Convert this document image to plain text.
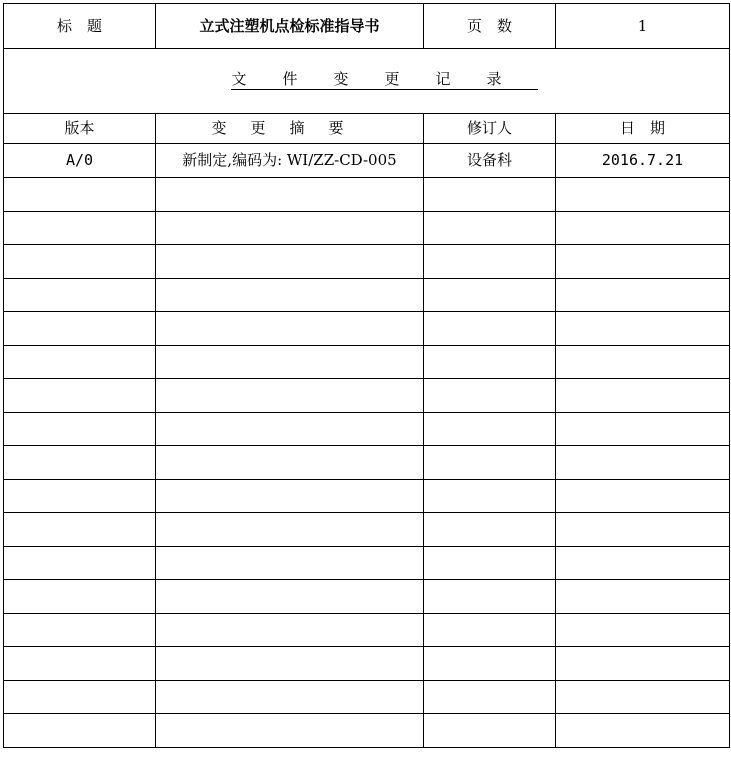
标　题	立式注塑机点检标准指导书	页　数	1
文件变更记录			
版本	变更摘要	修订人	日　期
A/0	新制定,编码为: WI/ZZ-CD-005	设备科	2016.7.21
